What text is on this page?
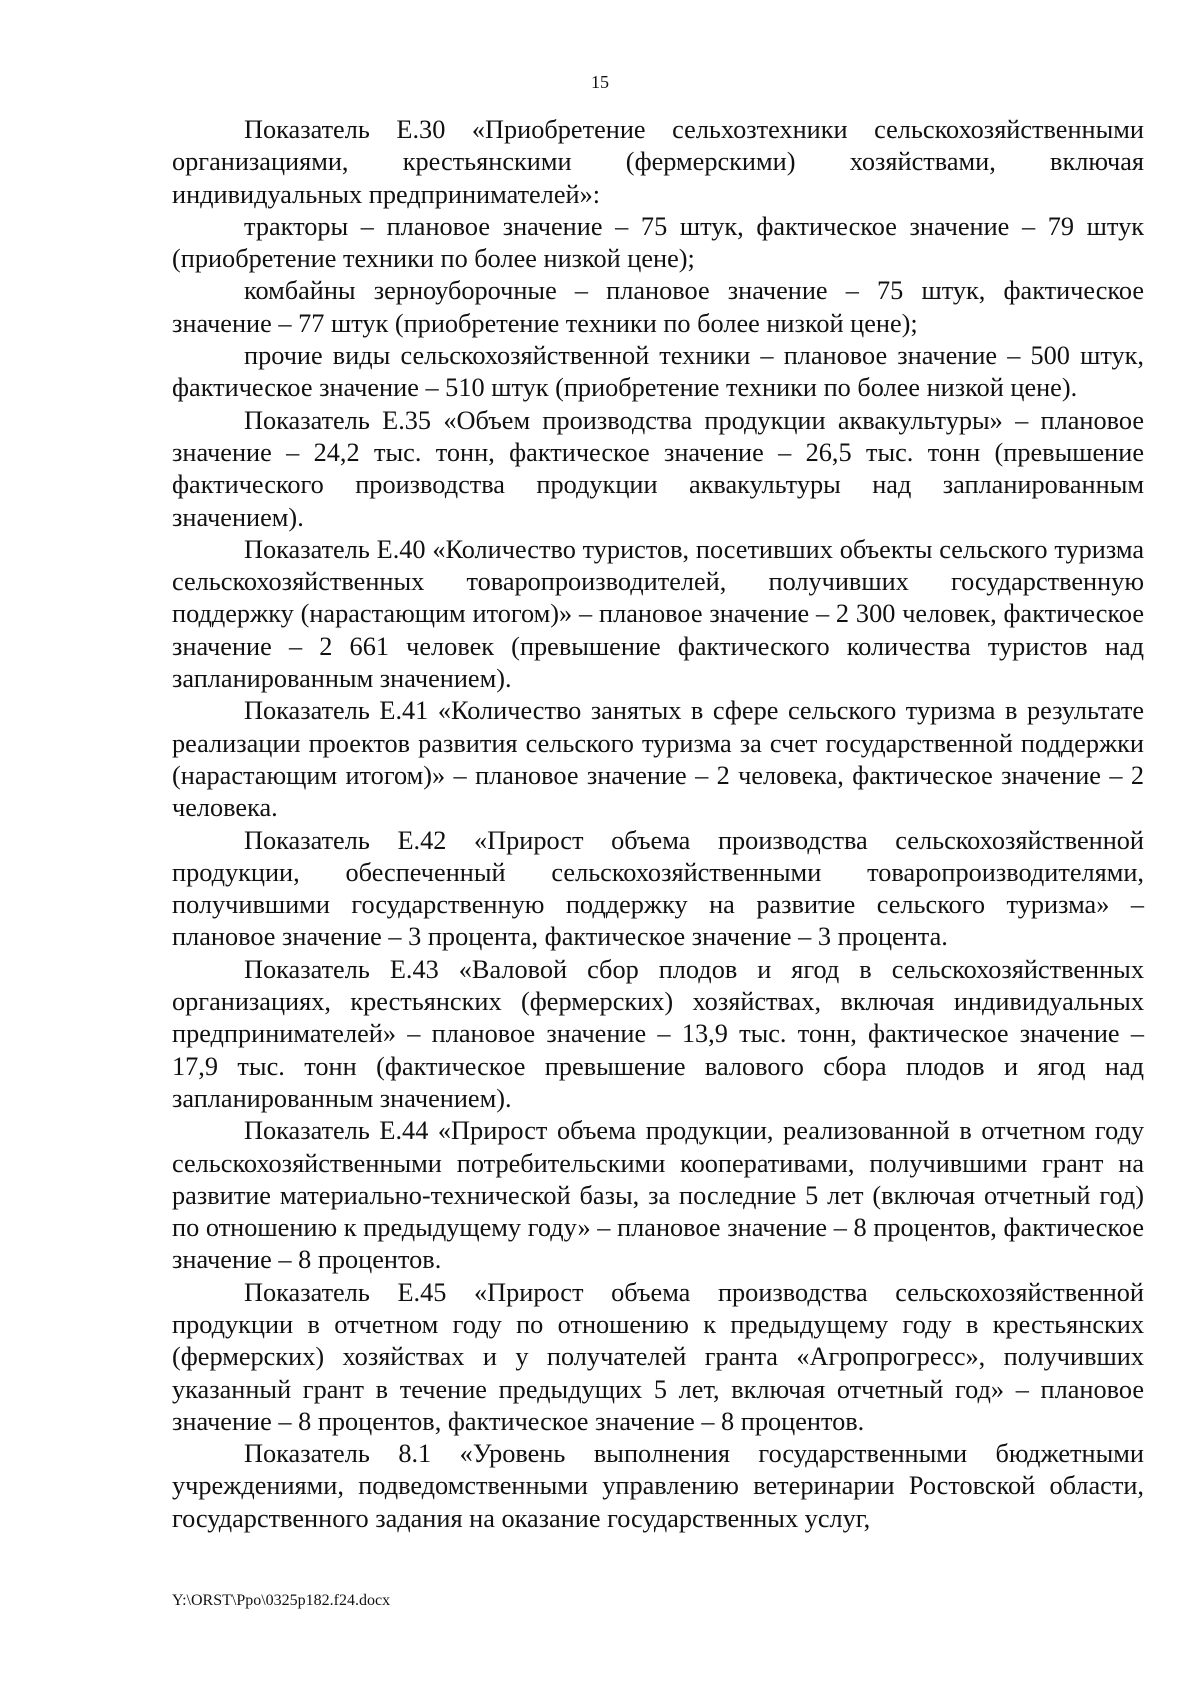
15

Показатель Е.30 «Приобретение сельхозтехники сельскохозяйственными организациями, крестьянскими (фермерскими) хозяйствами, включая индивидуальных предпринимателей»:

тракторы – плановое значение – 75 штук, фактическое значение – 79 штук (приобретение техники по более низкой цене);

комбайны зерноуборочные – плановое значение – 75 штук, фактическое значение – 77 штук (приобретение техники по более низкой цене);

прочие виды сельскохозяйственной техники – плановое значение – 500 штук, фактическое значение – 510 штук (приобретение техники по более низкой цене).

Показатель Е.35 «Объем производства продукции аквакультуры» – плановое значение – 24,2 тыс. тонн, фактическое значение – 26,5 тыс. тонн (превышение фактического производства продукции аквакультуры над запланированным значением).

Показатель Е.40 «Количество туристов, посетивших объекты сельского туризма сельскохозяйственных товаропроизводителей, получивших государственную поддержку (нарастающим итогом)» – плановое значение – 2 300 человек, фактическое значение – 2 661 человек (превышение фактического количества туристов над запланированным значением).

Показатель Е.41 «Количество занятых в сфере сельского туризма в результате реализации проектов развития сельского туризма за счет государственной поддержки (нарастающим итогом)» – плановое значение – 2 человека, фактическое значение – 2 человека.

Показатель Е.42 «Прирост объема производства сельскохозяйственной продукции, обеспеченный сельскохозяйственными товаропроизводителями, получившими государственную поддержку на развитие сельского туризма» – плановое значение – 3 процента, фактическое значение – 3 процента.

Показатель Е.43 «Валовой сбор плодов и ягод в сельскохозяйственных организациях, крестьянских (фермерских) хозяйствах, включая индивидуальных предпринимателей» – плановое значение – 13,9 тыс. тонн, фактическое значение – 17,9 тыс. тонн (фактическое превышение валового сбора плодов и ягод над запланированным значением).

Показатель Е.44 «Прирост объема продукции, реализованной в отчетном году сельскохозяйственными потребительскими кооперативами, получившими грант на развитие материально-технической базы, за последние 5 лет (включая отчетный год) по отношению к предыдущему году» – плановое значение – 8 процентов, фактическое значение – 8 процентов.

Показатель Е.45 «Прирост объема производства сельскохозяйственной продукции в отчетном году по отношению к предыдущему году в крестьянских (фермерских) хозяйствах и у получателей гранта «Агропрогресс», получивших указанный грант в течение предыдущих 5 лет, включая отчетный год» – плановое значение – 8 процентов, фактическое значение – 8 процентов.

Показатель 8.1 «Уровень выполнения государственными бюджетными учреждениями, подведомственными управлению ветеринарии Ростовской области, государственного задания на оказание государственных услуг,

Y:\ORST\Ppo\0325p182.f24.docx
